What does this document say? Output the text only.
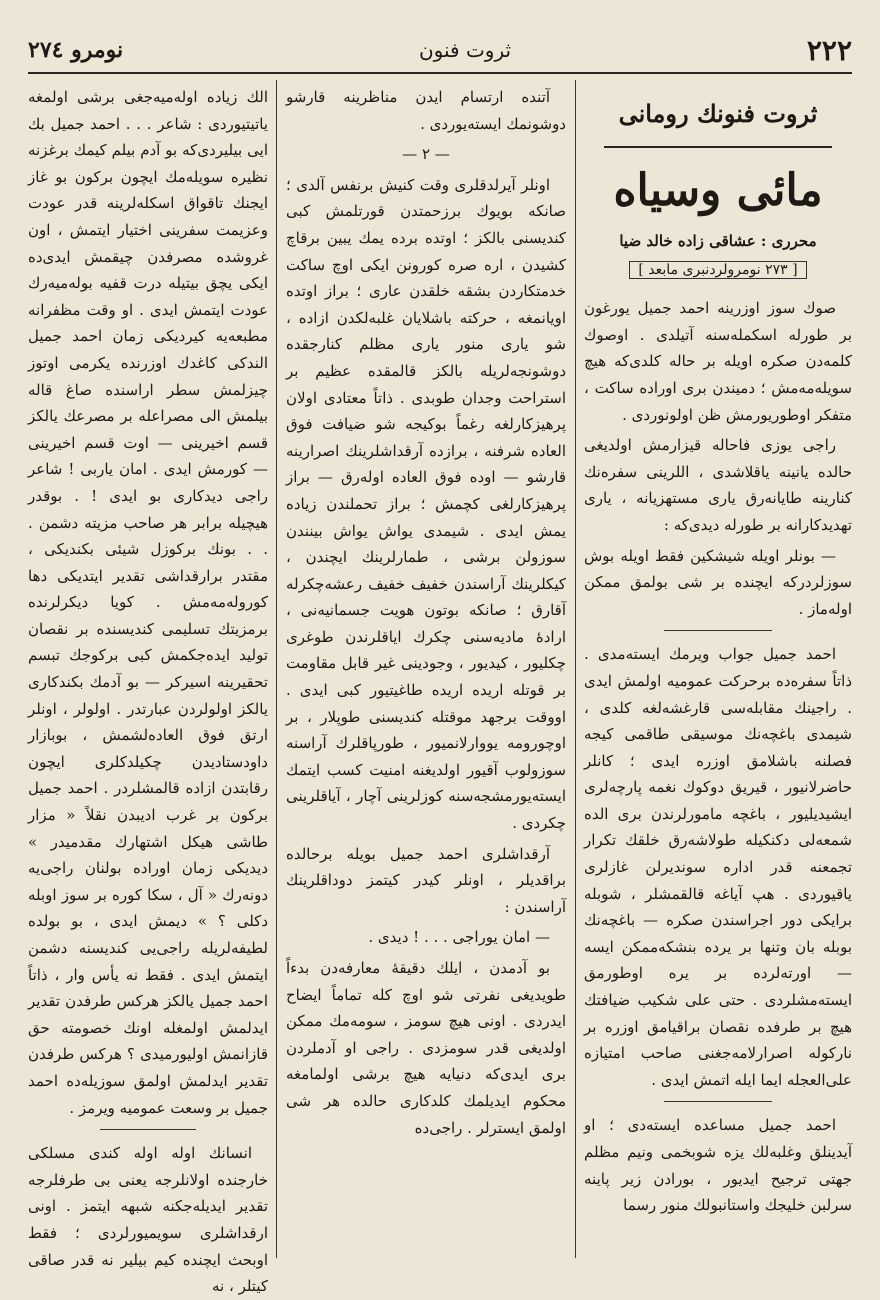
نومرو ٢٧٤	ثروت فنون	٢٢٢
ثروت فنونك رومانی
مائی وسیاه
محرری : عشاقی زاده خالد ضیا
[ ٢٧٣ نومرولردنبری مابعد ]

صوك سوز اوزرینه احمد جمیل یورغون بر طورله اسکمله‌سنه آتیلدی . اوصوك کلمه‌دن صکره اویله بر حاله کلدی‌که هیچ سویله‌مه‌مش ؛ دمیندن بری اوراده ساکت ، متفکر اوطوریورمش ظن اولونوردی .

راجی یوزی فاحاله قیزارمش اولدیغی حالده یانینه یاقلاشدی ، اللرینی سفره‌نك کنارینه طایانه‌رق یاری مستهزیانه ، یاری تهدیدکارانه بر طورله دیدی‌که :

— بونلر اویله شیشکین فقط اویله بوش سوزلردرکه ایچنده بر شی بولمق ممکن اوله‌ماز .

احمد جمیل جواب ویرمك ایسته‌مدی . ذاتاً سفره‌ده برحرکت عمومیه اولمش ایدی . راجینك مقابله‌سی قارغشه‌لغه کلدی ، شیمدی باغچه‌نك موسیقی طاقمی کیجه فصلنه باشلامق اوزره ایدی ؛ کانلر حاضرلانیور ، قیریق دوکوك نغمه پارچه‌لری ایشیدیلیور ، باغچه مامورلرندن بری الده شمعه‌لی دکنکیله طولاشه‌رق خلقك تکرار تجمعنه قدر اداره‌ سوندیرلن غازلری یاقیوردی . هپ آیاغه قالقمشلر ، شوبله برایکی دور اجراسندن صکره — باغچه‌نك بوبله بان وتنها بر یرده بنشکه‌ممکن ایسه — اورته‌لرده بر یره اوطورمق ایسته‌مشلردی . حتی علی شکیب ضیافتك هیچ بر طرفده نقصان براقیامق اوزره بر نارکوله اصرارلامه‌جغنی صاحب امتیازه علی‌العجله ایما ایله اتمش ایدی .

احمد جمیل مساعده ایسته‌دی ؛ او آیدینلق وغلبه‌لك یزه شوبخمی ونیم مظلم جهتی ترجیح ایدیور ، بورادن زیر پاینه سرلبن خلیجك واستانبولك منور رسما

آتنده ارتسام ایدن مناظرینه قارشو دوشونمك ایسته‌یوردی .

— ٢ —

اونلر آیرلدقلری وقت کنیش برنفس آلدی ؛ صانکه بویوك برزحمتدن قورتلمش کبی کندیسنی بالکز ؛ اوتده برده یمك یبین برقاچ کشیدن ، اره صره کورونن ایکی اوچ ساکت خدمتکاردن بشقه خلقدن عاری ؛ براز اوتده اویانمغه ، حرکته باشلایان غلبه‌لکدن ازاده ، شو یاری منور یاری مظلم کنارجقده دوشونجه‌لریله بالکز قالمقده عظیم بر استراحت وجدان طوبدی . ذاتاً معتادی اولان پرهیزکارلغه رغماً بوکیجه شو ضیافت فوق العاده شرفنه ، برازده آرقداشلرینك اصرارینه قارشو — اوده فوق العاده اوله‌رق — براز پرهیزکارلغی کچمش ؛ براز تحملندن زیاده یمش ایدی . شیمدی یواش یواش بینندن سوزولن برشی ، طمارلرینك ایچندن ، کیکلرینك آراسندن خفیف خفیف رعشه‌چکرله آقارق ؛ صانکه بوتون هویت جسمانیه‌نی ، ارادهٔ مادیه‌سنی چکرك ایاقلرندن طوغری چکلیور ، کیدیور ، وجودینی غیر قابل مقاومت بر قوتله اریده اریده طاغیتیور کبی ایدی . اووقت برجهد موقتله کندیسنی طوپلار ، بر اوچورومه یووارلانمیور ، طورپاقلرك آراسنه سوزولوب آقیور اولدیغنه امنیت کسب ایتمك ایسته‌یورمشجه‌سنه کوزلرینی آچار ، آیاقلرینی چکردی .

آرقداشلری احمد جمیل بویله برحالده براقدیلر ، اونلر کیدر کیتمز دوداقلرینك آراسندن :

— امان یوراجی . . . ! دیدی .

بو آدمدن ، ایلك دقیقهٔ معارفه‌دن بدءاً طویدیغی نفرتی شو اوچ کله تماماً ایضاح ایدردی . اونی هیچ سومز ، سومه‌مك ممکن اولدیغی قدر سومزدی . راجی او آدملردن بری ایدی‌که دنیایه هیچ برشی اولمامغه محکوم ایدیلمك کلدکاری حالده هر شی اولمق ایسترلر . راجی‌ده

الك زیاده اوله‌میه‌جغی برشی اولمغه یاتیتیوردی : شاعر . . . احمد جمیل بك ایی بیلیردی‌که بو آدم بیلم کیمك برغزنه نظیره سویله‌مك ایچون برکون بو غاز ایجنك تاقواق اسکله‌لرینه قدر عودت وعزیمت سفرینی اختیار ایتمش ، اون غروشده مصرفدن چیقمش ایدی‌ده ایکی یچق بیتیله درت قفیه بوله‌میه‌رك عودت ایتمش ایدی . او وقت مظفرانه مطبعه‌یه کیردیکی زمان احمد جمیل الندکی کاغدك اوزرنده یکرمی اوتوز چیزلمش سطر اراسنده صاغ قاله بیلمش الی مصراعله بر مصرعك یالکز قسم اخیرینی — اوت قسم اخیرینی — کورمش ایدی . امان یاربی ! شاعر راجی دیدکاری بو ایدی ! . بوقدر هیچیله برابر هر صاحب مزیته دشمن . . . بونك برکوزل شیئی بکندیکی ، مقتدر برارقداشی تقدیر ایتدیکی دها کوروله‌مه‌مش . کویا دیکرلرنده برمزیتك تسلیمی کندیسنده بر نقصان تولید ایده‌جکمش کبی برکوجك تبسم تحقیرینه اسیرکر — بو آدمك بکندکاری یالکز اولولردن عبارتدر . اولولر ، اونلر ارتق فوق العاده‌لشمش ، بوبازار داودستادیدن چکیلدکلری ایچون رقابتدن ازاده قالمشلردر . احمد جمیل برکون بر غرب ادیبدن نقلاً « مزار طاشی هیکل اشتهارك مقدمیدر » دیدیکی زمان اوراده بولنان راجی‌یه دونه‌رك « آل ، سکا کوره بر سوز اوبله دکلی ؟ » دیمش ایدی ، بو بولده لطیفه‌لریله راجی‌یی کندیسنه دشمن ایتمش ایدی . فقط نه یأس وار ، ذاتاً احمد جمیل یالکز هرکس طرفدن تقدیر ایدلمش اولمغله اونك خصومته حق قازانمش اولیورمیدی ؟ هرکس طرفدن تقدیر ایدلمش اولمق سوزیله‌ده احمد جمیل بر وسعت عمومیه ویرمز .

انسانك اوله اوله کندی مسلکی خارجنده اولانلرجه یعنی بی طرفلرجه تقدیر ایدیله‌جکنه شبهه ایتمز . اونی ارقداشلری سویمیورلردی ؛ فقط اوبحث ایچنده کیم بیلیر نه قدر صاقی کیتلر ، نه
